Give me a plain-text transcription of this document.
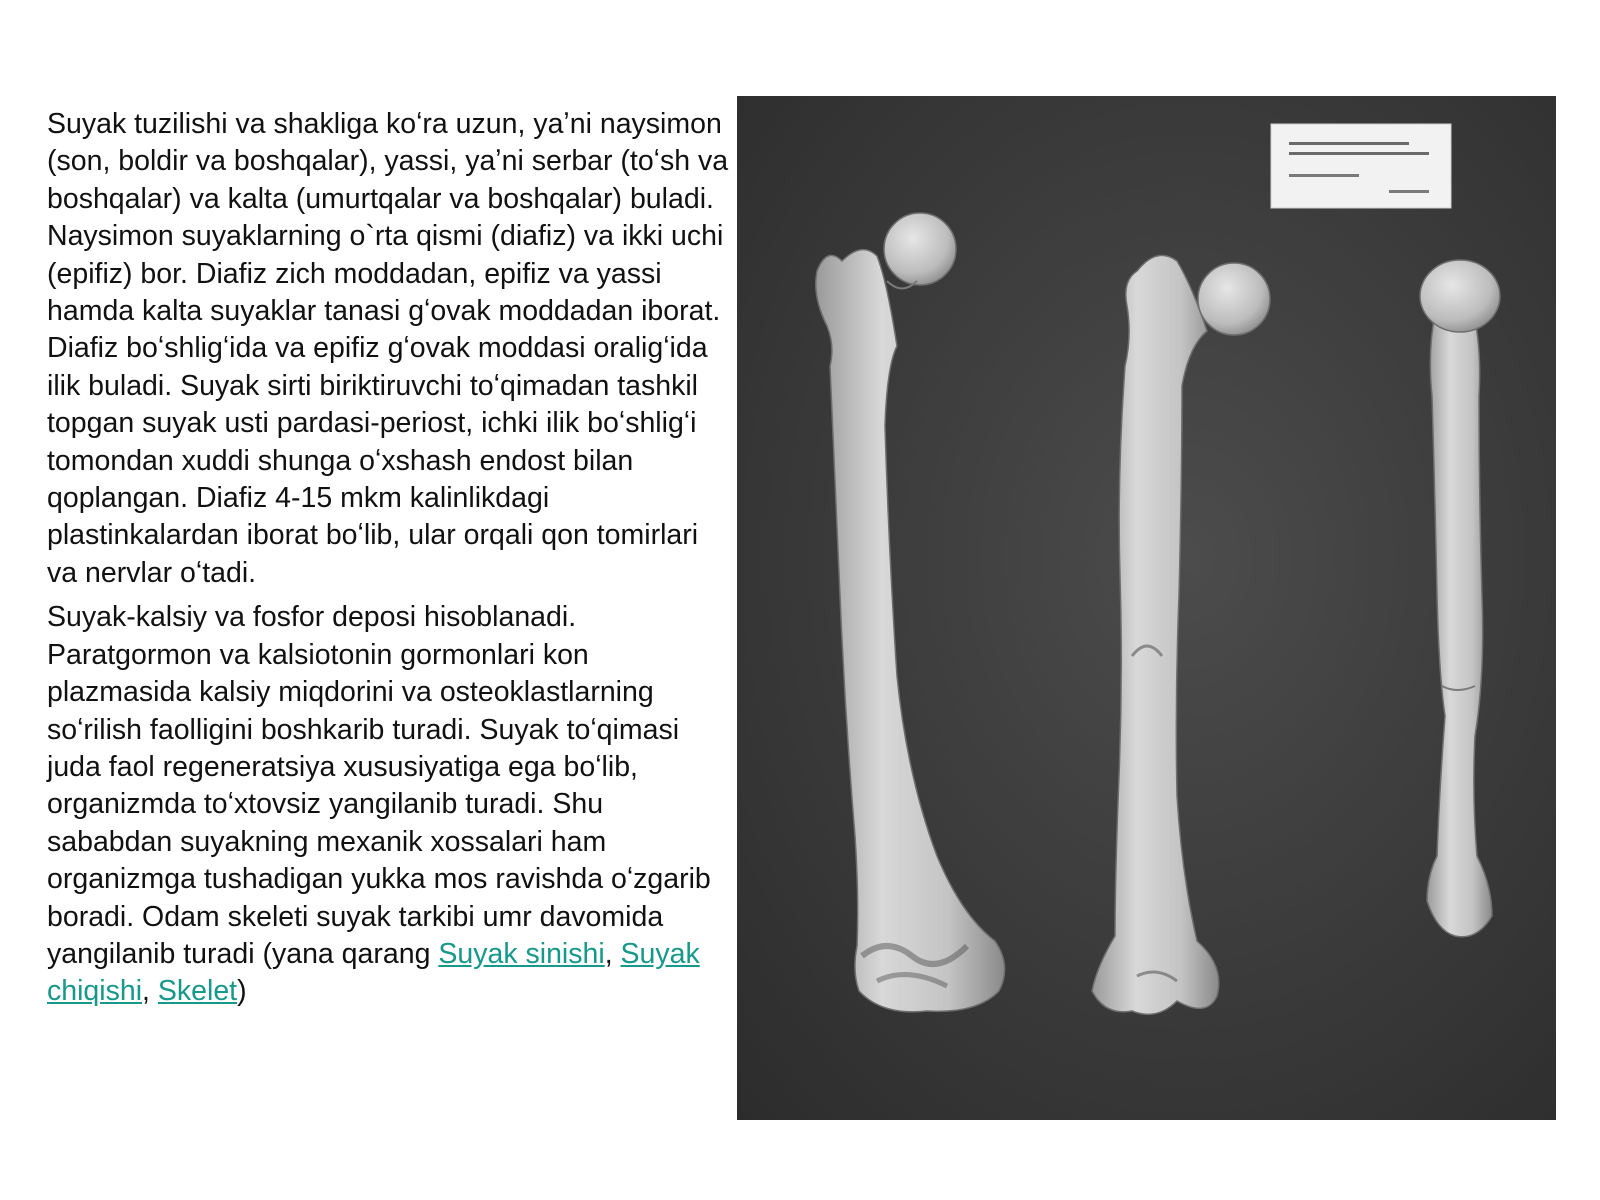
Suyak tuzilishi va shakliga koʻra uzun, yaʼni naysimon (son, boldir va boshqalar), yassi, yaʼni serbar (toʻsh va boshqalar) va kalta (umurtqalar va boshqalar) buladi. Naysimon suyaklarning o`rta qismi (diafiz) va ikki uchi (epifiz) bor. Diafiz zich moddadan, epifiz va yassi hamda kalta suyaklar tanasi gʻovak moddadan iborat. Diafiz boʻshligʻida va epifiz gʻovak moddasi oraligʻida ilik buladi. Suyak sirti biriktiruvchi toʻqimadan tashkil topgan suyak usti pardasi-periost, ichki ilik boʻshligʻi tomondan xuddi shunga oʻxshash endost bilan qoplangan. Diafiz 4-15 mkm kalinlikdagi plastinkalardan iborat boʻlib, ular orqali qon tomirlari va nervlar oʻtadi.

Suyak-kalsiy va fosfor deposi hisoblanadi. Paratgormon va kalsiotonin gormonlari kon plazmasida kalsiy miqdorini va osteoklastlarning soʻrilish faolligini boshkarib turadi. Suyak toʻqimasi juda faol regeneratsiya xususiyatiga ega boʻlib, organizmda toʻxtovsiz yangilanib turadi. Shu sababdan suyakning mexanik xossalari ham organizmga tushadigan yukka mos ravishda oʻzgarib boradi. Odam skeleti suyak tarkibi umr davomida yangilanib turadi (yana qarang Suyak sinishi, Suyak chiqishi, Skelet)
